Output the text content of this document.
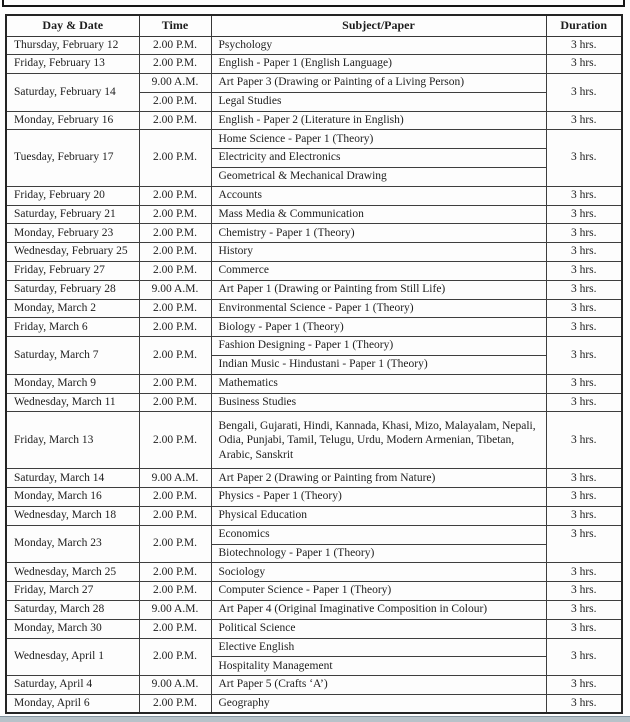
Day & Date	Time	Subject/Paper	Duration
Thursday, February 12	2.00 P.M.	Psychology	3 hrs.
Friday, February 13	2.00 P.M.	English - Paper 1 (English Language)	3 hrs.
Saturday, February 14	9.00 A.M.	Art Paper 3 (Drawing or Painting of a Living Person)	3 hrs.
	2.00 P.M.	Legal Studies	
Monday, February 16	2.00 P.M.	English - Paper 2 (Literature in English)	3 hrs.
Tuesday, February 17	2.00 P.M.	Home Science - Paper 1 (Theory)	3 hrs.
		Electricity and Electronics	
		Geometrical & Mechanical Drawing	
Friday, February 20	2.00 P.M.	Accounts	3 hrs.
Saturday, February 21	2.00 P.M.	Mass Media & Communication	3 hrs.
Monday, February 23	2.00 P.M.	Chemistry - Paper 1 (Theory)	3 hrs.
Wednesday, February 25	2.00 P.M.	History	3 hrs.
Friday, February 27	2.00 P.M.	Commerce	3 hrs.
Saturday, February 28	9.00 A.M.	Art Paper 1 (Drawing or Painting from Still Life)	3 hrs.
Monday, March 2	2.00 P.M.	Environmental Science - Paper 1 (Theory)	3 hrs.
Friday, March 6	2.00 P.M.	Biology - Paper 1 (Theory)	3 hrs.
Saturday, March 7	2.00 P.M.	Fashion Designing - Paper 1 (Theory)	3 hrs.
		Indian Music - Hindustani - Paper 1 (Theory)	
Monday, March 9	2.00 P.M.	Mathematics	3 hrs.
Wednesday, March 11	2.00 P.M.	Business Studies	3 hrs.
Friday, March 13	2.00 P.M.	Bengali, Gujarati, Hindi, Kannada, Khasi, Mizo, Malayalam, Nepali, Odia, Punjabi, Tamil, Telugu, Urdu, Modern Armenian, Tibetan, Arabic, Sanskrit	3 hrs.
Saturday, March 14	9.00 A.M.	Art Paper 2 (Drawing or Painting from Nature)	3 hrs.
Monday, March 16	2.00 P.M.	Physics - Paper 1 (Theory)	3 hrs.
Wednesday, March 18	2.00 P.M.	Physical Education	3 hrs.
Monday, March 23	2.00 P.M.	Economics	3 hrs.
		Biotechnology - Paper 1 (Theory)	
Wednesday, March 25	2.00 P.M.	Sociology	3 hrs.
Friday, March 27	2.00 P.M.	Computer Science - Paper 1 (Theory)	3 hrs.
Saturday, March 28	9.00 A.M.	Art Paper 4 (Original Imaginative Composition in Colour)	3 hrs.
Monday, March 30	2.00 P.M.	Political Science	3 hrs.
Wednesday, April 1	2.00 P.M.	Elective English	3 hrs.
		Hospitality Management	
Saturday, April 4	9.00 A.M.	Art Paper 5 (Crafts ‘A’)	3 hrs.
Monday, April 6	2.00 P.M.	Geography	3 hrs.
